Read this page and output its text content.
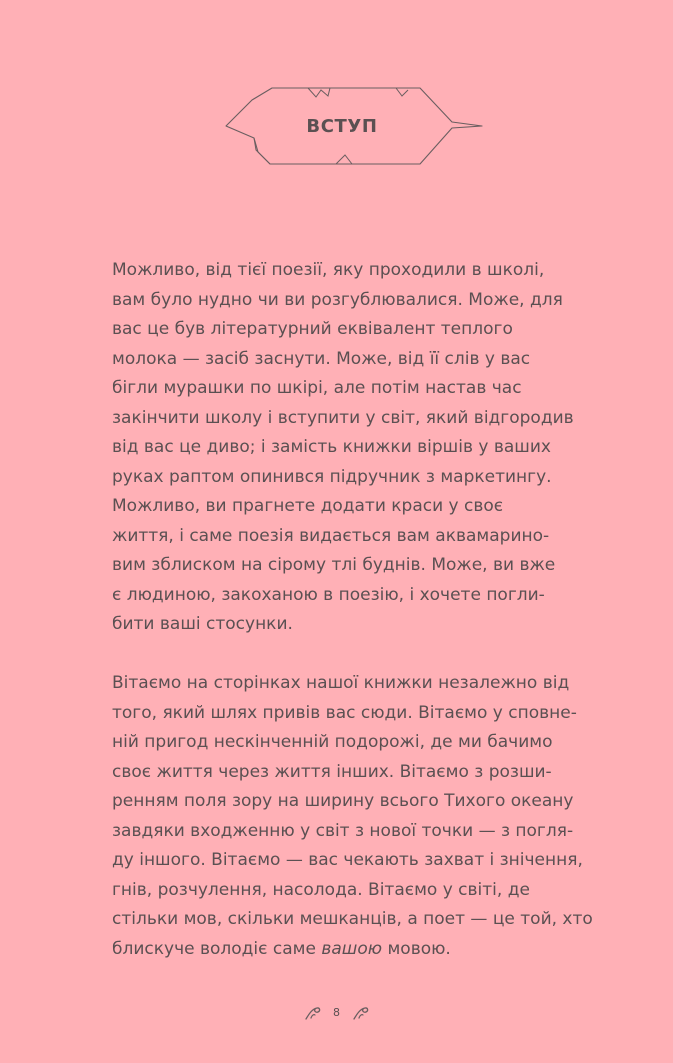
ВСТУП

Можливо, від тієї поезії, яку проходили в школі,
вам було нудно чи ви розгублювалися. Може, для
вас це був літературний еквівалент теплого
молока — засіб заснути. Може, від її слів у вас
бігли мурашки по шкірі, але потім настав час
закінчити школу і вступити у світ, який відгородив
від вас це диво; і замість книжки віршів у ваших
руках раптом опинився підручник з маркетингу.
Можливо, ви прагнете додати краси у своє
життя, і саме поезія видається вам аквамарино-
вим зблиском на сірому тлі буднів. Може, ви вже
є людиною, закоханою в поезію, і хочете погли-
бити ваші стосунки.

Вітаємо на сторінках нашої книжки незалежно від
того, який шлях привів вас сюди. Вітаємо у сповне-
ній пригод нескінченній подорожі, де ми бачимо
своє життя через життя інших. Вітаємо з розши-
ренням поля зору на ширину всього Тихого океану
завдяки входженню у світ з нової точки — з погля-
ду іншого. Вітаємо — вас чекають захват і знічення,
гнів, розчулення, насолода. Вітаємо у світі, де
стільки мов, скільки мешканців, а поет — це той, хто
блискуче володіє саме вашою мовою.

8
